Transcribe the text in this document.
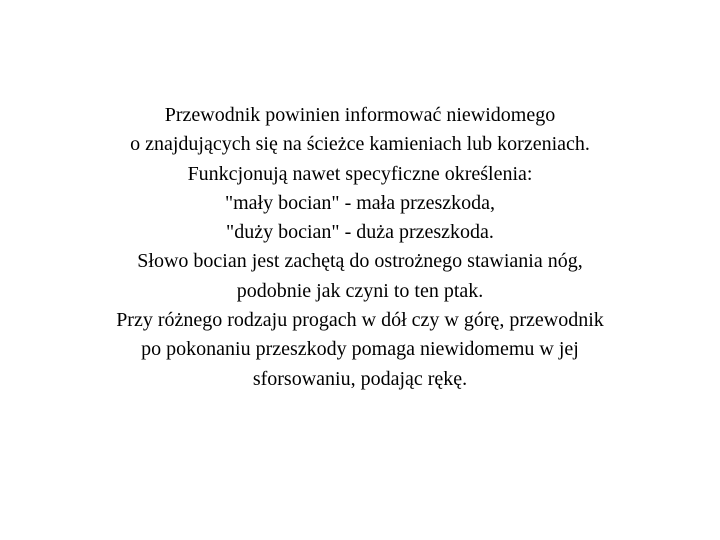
Przewodnik powinien informować niewidomego
o znajdujących się na ścieżce kamieniach lub korzeniach.
Funkcjonują nawet specyficzne określenia:
"mały bocian" - mała przeszkoda,
"duży bocian" - duża przeszkoda.
Słowo bocian jest zachętą do ostrożnego stawiania nóg,
podobnie jak czyni to ten ptak.
Przy różnego rodzaju progach w dół czy w górę, przewodnik
po pokonaniu przeszkody pomaga niewidomemu w jej
sforsowaniu, podając rękę.
